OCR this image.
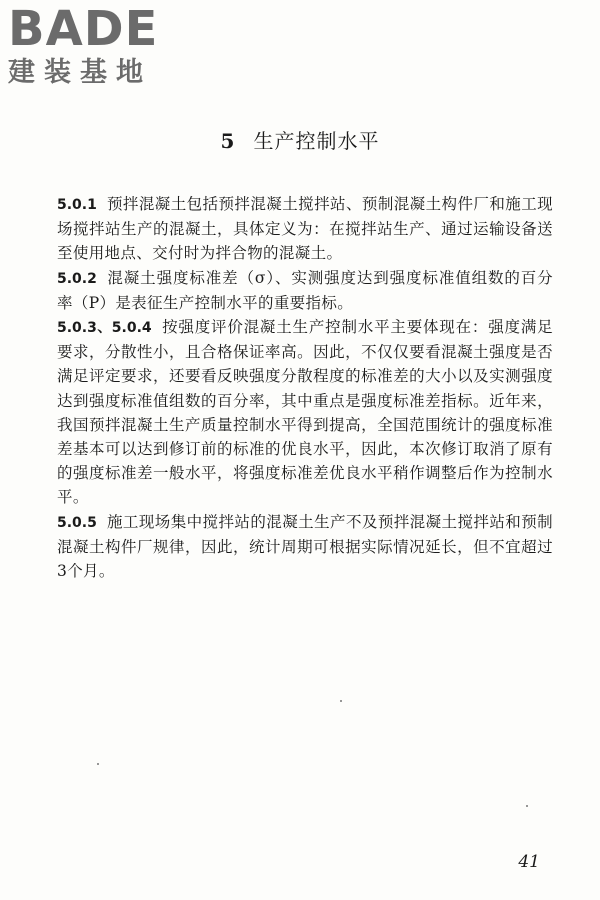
BADE
建装基地
5 生产控制水平

5.0.1 预拌混凝土包括预拌混凝土搅拌站、预制混凝土构件厂和施工现场搅拌站生产的混凝土，具体定义为：在搅拌站生产、通过运输设备送至使用地点、交付时为拌合物的混凝土。

5.0.2 混凝土强度标准差（σ）、实测强度达到强度标准值组数的百分率（P）是表征生产控制水平的重要指标。

5.0.3、5.0.4 按强度评价混凝土生产控制水平主要体现在：强度满足要求，分散性小，且合格保证率高。因此，不仅仅要看混凝土强度是否满足评定要求，还要看反映强度分散程度的标准差的大小以及实测强度达到强度标准值组数的百分率，其中重点是强度标准差指标。近年来，我国预拌混凝土生产质量控制水平得到提高，全国范围统计的强度标准差基本可以达到修订前的标准的优良水平，因此，本次修订取消了原有的强度标准差一般水平，将强度标准差优良水平稍作调整后作为控制水平。

5.0.5 施工现场集中搅拌站的混凝土生产不及预拌混凝土搅拌站和预制混凝土构件厂规律，因此，统计周期可根据实际情况延长，但不宜超过3个月。

41
